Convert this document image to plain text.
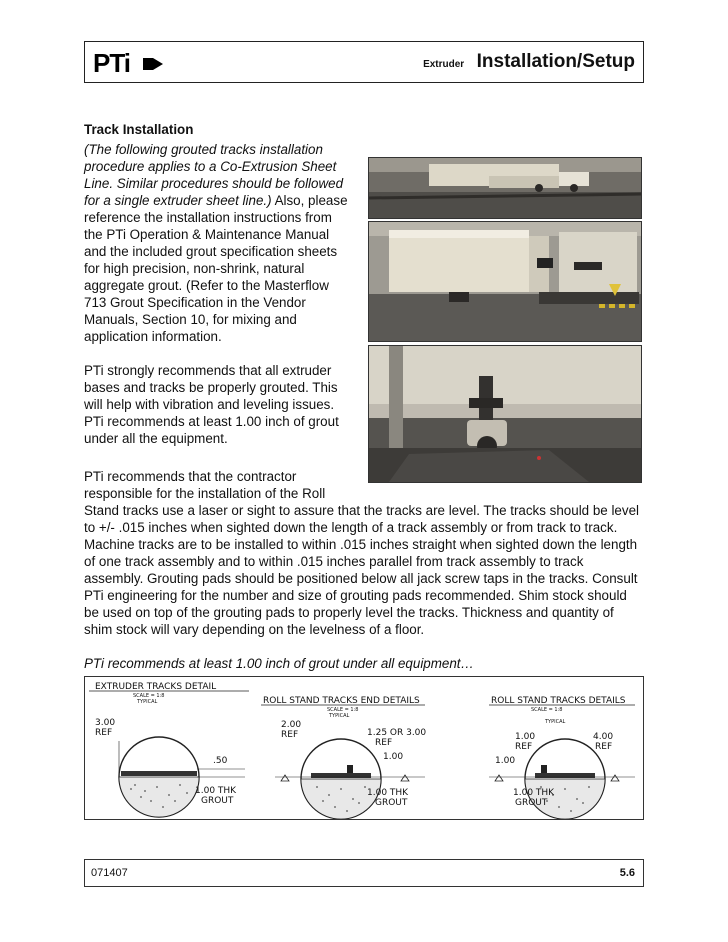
PTi	Extruder Installation/Setup
Track Installation
(The following grouted tracks installation procedure applies to a Co-Extrusion Sheet Line. Similar procedures should be followed for a single extruder sheet line.) Also, please reference the installation instructions from the PTi Operation & Maintenance Manual and the included grout specification sheets for high precision, non-shrink, natural aggregate grout. (Refer to the Masterflow 713 Grout Specification in the Vendor Manuals, Section 10, for mixing and application information.
PTi strongly recommends that all extruder bases and tracks be properly grouted. This will help with vibration and leveling issues. PTi recommends at least 1.00 inch of grout under all the equipment.
PTi recommends that the contractor responsible for the installation of the Roll
Stand tracks use a laser or sight to assure that the tracks are level. The tracks should be level to +/- .015 inches when sighted down the length of a track assembly or from track to track. Machine tracks are to be installed to within .015 inches straight when sighted down the length of one track assembly and to within .015 inches parallel from track assembly to track assembly. Grouting pads should be positioned below all jack screw taps in the tracks. Consult PTi engineering for the number and size of grouting pads recommended. Shim stock should be used on top of the grouting pads to properly level the tracks. Thickness and quantity of shim stock will vary depending on the levelness of a floor.
PTi recommends at least 1.00 inch of grout under all equipment…
EXTRUDER TRACKS DETAIL
SCALE = 1:8
TYPICAL
3.00
REF
.50
1.00 THK
GROUT
ROLL STAND TRACKS END DETAILS
SCALE = 1:8
TYPICAL
2.00
REF	1.25 OR 3.00
REF
1.00
1.00 THK
GROUT
ROLL STAND TRACKS DETAILS
SCALE = 1:8
TYPICAL
1.00
REF
4.00
REF
1.00
1.00 THK
GROUT
071407	5.6
